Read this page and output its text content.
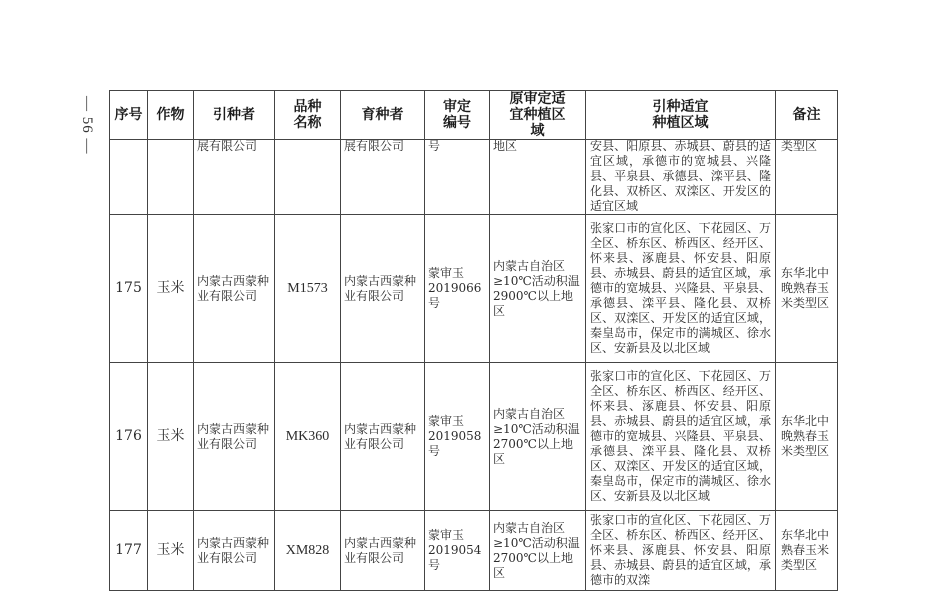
— 56 — 序号	作物	引种者	品种名称	育种者	审定编号	原审定适宜种植区域	引种适宜种植区域	备注

		展有限公司		展有限公司	号	地区	安县、阳原县、赤城县、蔚县的适宜区域，承德市的宽城县、兴隆县、平泉县、承德县、滦平县、隆化县、双桥区、双滦区、开发区的适宜区域	类型区

175	玉米	内蒙古西蒙种业有限公司	M1573	内蒙古西蒙种业有限公司	蒙审玉2019066号	内蒙古自治区≥10℃活动积温2900℃以上地区	张家口市的宣化区、下花园区、万全区、桥东区、桥西区、经开区、怀来县、涿鹿县、怀安县、阳原县、赤城县、蔚县的适宜区域，承德市的宽城县、兴隆县、平泉县、承德县、滦平县、隆化县、双桥区、双滦区、开发区的适宜区域，秦皇岛市，保定市的满城区、徐水区、安新县及以北区域	东华北中晚熟春玉米类型区
176	玉米	内蒙古西蒙种业有限公司	MK360	内蒙古西蒙种业有限公司	蒙审玉2019058号	内蒙古自治区≥10℃活动积温2700℃以上地区	张家口市的宣化区、下花园区、万全区、桥东区、桥西区、经开区、怀来县、涿鹿县、怀安县、阳原县、赤城县、蔚县的适宜区域，承德市的宽城县、兴隆县、平泉县、承德县、滦平县、隆化县、双桥区、双滦区、开发区的适宜区域，秦皇岛市，保定市的满城区、徐水区、安新县及以北区域	东华北中晚熟春玉米类型区
177	玉米	内蒙古西蒙种业有限公司	XM828	内蒙古西蒙种业有限公司	蒙审玉2019054号	内蒙古自治区≥10℃活动积温2700℃以上地区	张家口市的宣化区、下花园区、万全区、桥东区、桥西区、经开区、怀来县、涿鹿县、怀安县、阳原县、赤城县、蔚县的适宜区域，承德市的双滦	东华北中熟春玉米类型区
